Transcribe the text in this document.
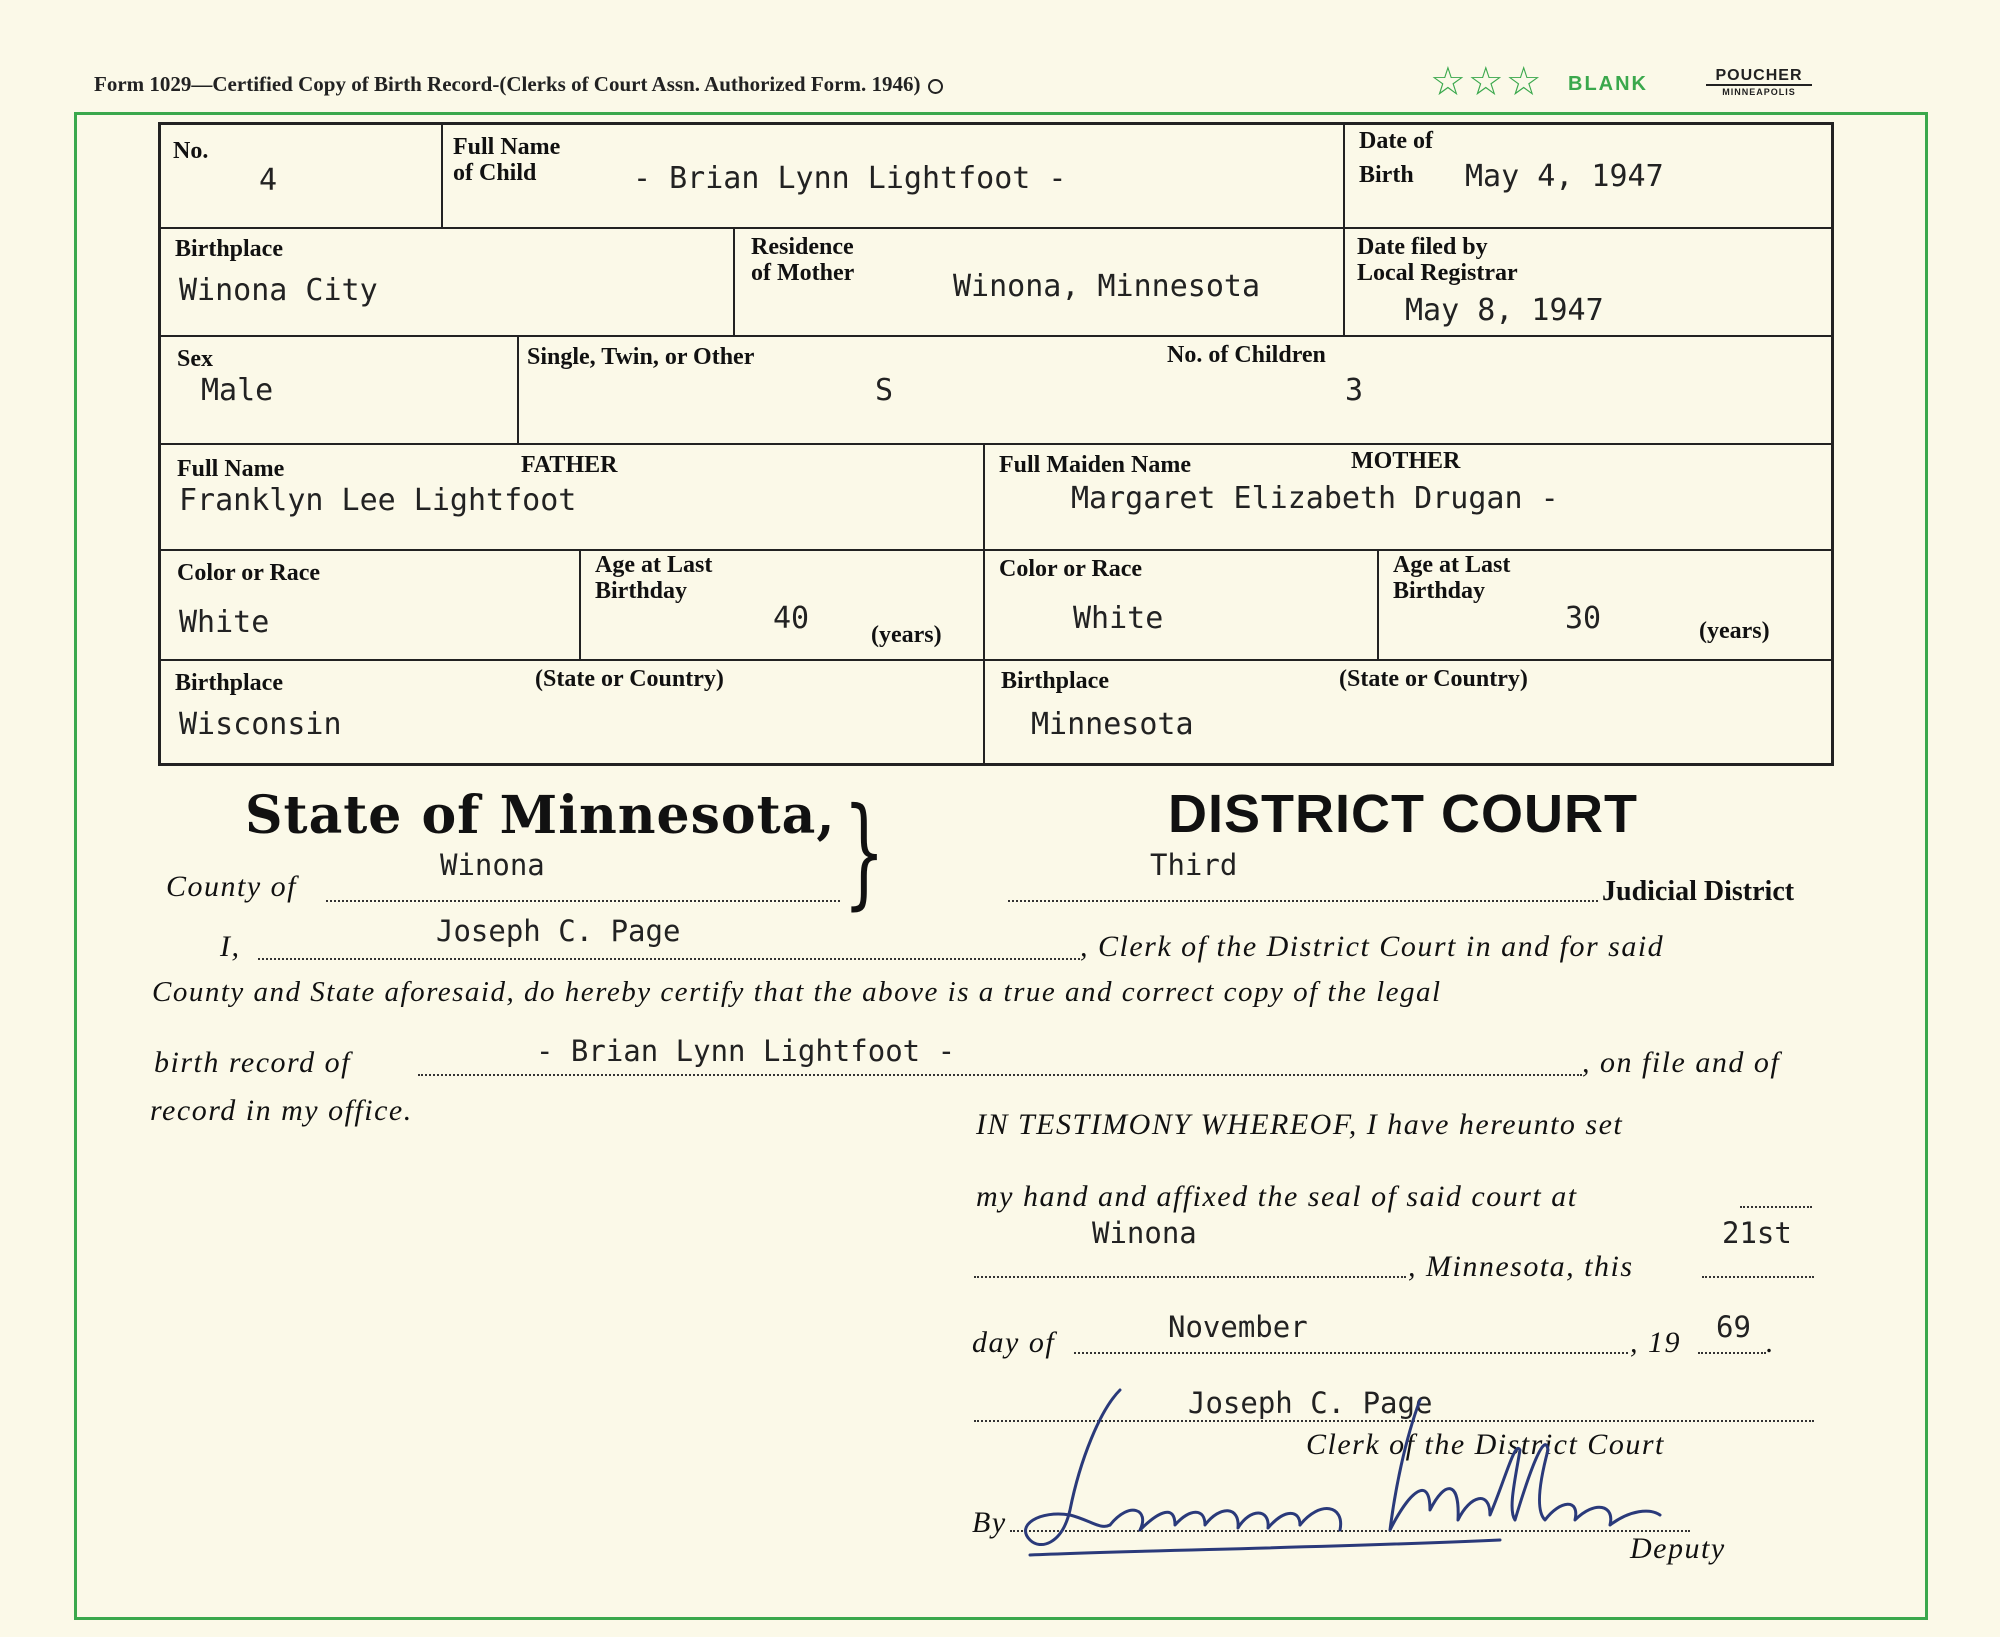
Form 1029—Certified Copy of Birth Record-(Clerks of Court Assn. Authorized Form. 1946)	☆☆☆ BLANK	POUCHER
MINNEAPOLIS
No.
4
Full Name
of Child	- Brian Lynn Lightfoot -
Date of
Birth May 4, 1947
Birthplace
Winona City
Residence
of Mother	Winona, Minnesota
Date filed by
Local Registrar
May 8, 1947
Sex
Male
Single, Twin, or Other
S
No. of Children
3
Full Name	FATHER
Franklyn Lee Lightfoot
Full Maiden Name	MOTHER
Margaret Elizabeth Drugan -
Color or Race
White
Age at Last
Birthday
40	(years)
Color or Race
White
Age at Last
Birthday
30	(years)
Birthplace	(State or Country)
Wisconsin
Birthplace	(State or Country)
Minnesota
State of Minnesota, }	DISTRICT COURT
County of
Winona	Third
Judicial District
I,	Joseph C. Page	, Clerk of the District Court in and for said
County and State aforesaid, do hereby certify that the above is a true and correct copy of the legal
birth record of	- Brian Lynn Lightfoot -	, on file and of
record in my office.	IN TESTIMONY WHEREOF, I have hereunto set
my hand and affixed the seal of said court at
Winona	21st
, Minnesota, this
day of	November	, 19 69 .
Joseph C. Page
Clerk of the District Court
By
Deputy
